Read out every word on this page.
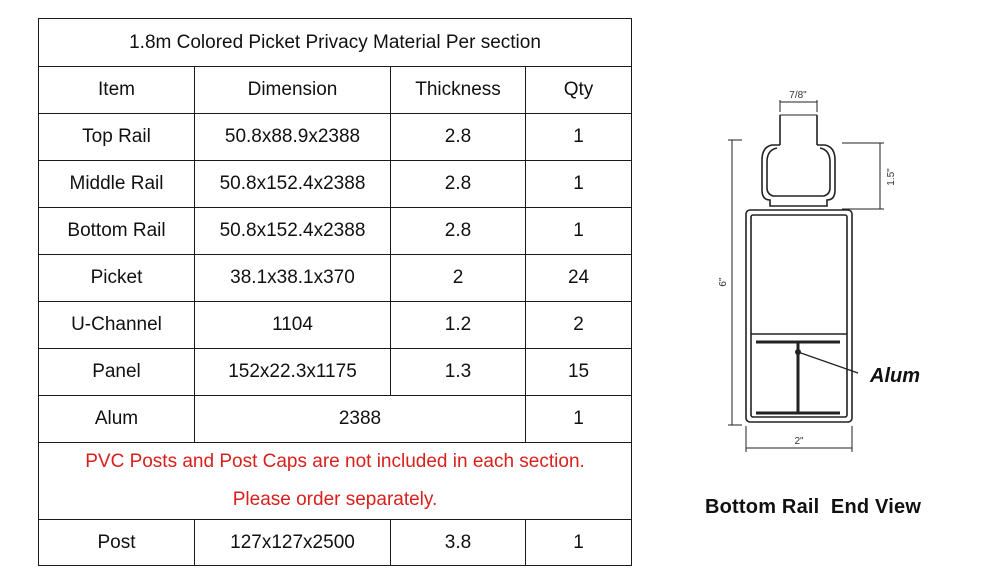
1.8m Colored Picket Privacy Material Per section			
Item	Dimension	Thickness	Qty
Top Rail	50.8x88.9x2388	2.8	1
Middle Rail	50.8x152.4x2388	2.8	1
Bottom Rail	50.8x152.4x2388	2.8	1
Picket	38.1x38.1x370	2	24
U-Channel	1104	1.2	2
Panel	152x22.3x1175	1.3	15
Alum	2388		1

PVC Posts and Post Caps are not included in each section.
Please order separately.			

Post	127x127x2500	3.8	1
7/8"
1.5"
6"
2"
Alum
Bottom Rail  End View
